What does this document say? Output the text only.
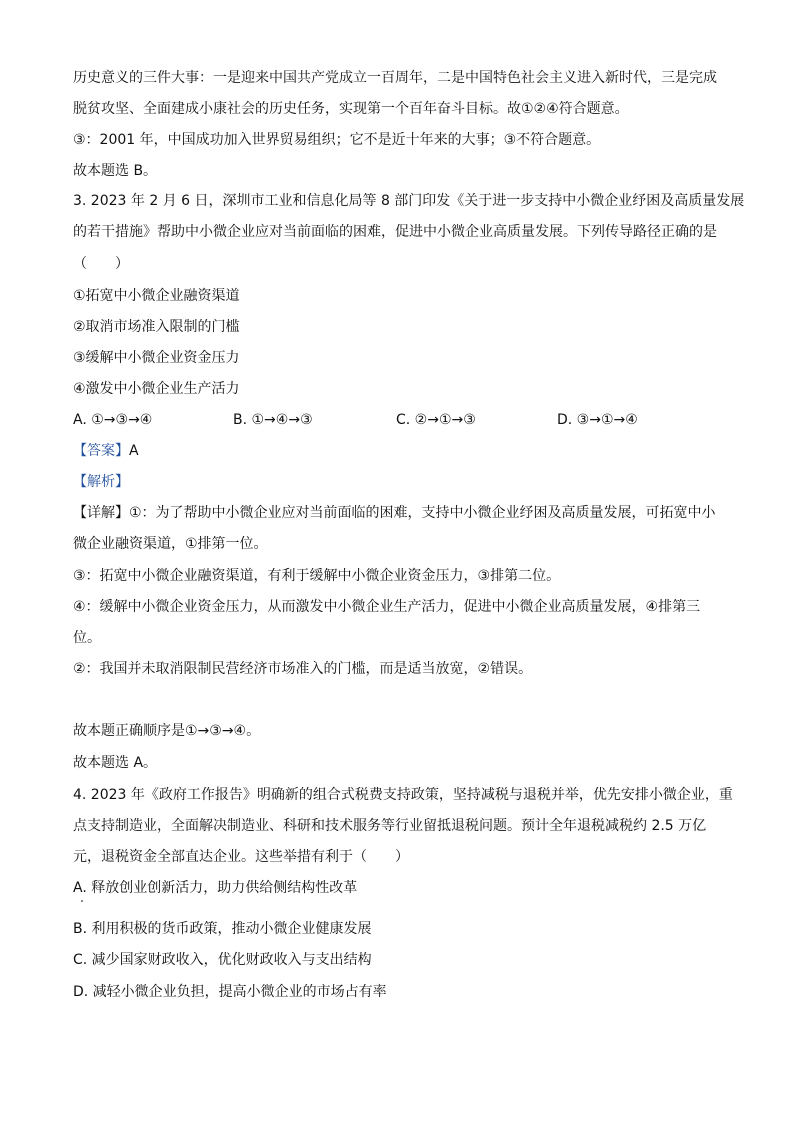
历史意义的三件大事：一是迎来中国共产党成立一百周年，二是中国特色社会主义进入新时代，三是完成
脱贫攻坚、全面建成小康社会的历史任务，实现第一个百年奋斗目标。故①②④符合题意。
③：2001 年，中国成功加入世界贸易组织；它不是近十年来的大事；③不符合题意。
故本题选 B。
3. 2023 年 2 月 6 日，深圳市工业和信息化局等 8 部门印发《关于进一步支持中小微企业纾困及高质量发展
的若干措施》帮助中小微企业应对当前面临的困难，促进中小微企业高质量发展。下列传导路径正确的是
（　　）
①拓宽中小微企业融资渠道
②取消市场准入限制的门槛
③缓解中小微企业资金压力
④激发中小微企业生产活力
A. ①→③→④	B. ①→④→③	C. ②→①→③	D. ③→①→④
【答案】A
【解析】
【详解】①：为了帮助中小微企业应对当前面临的困难，支持中小微企业纾困及高质量发展，可拓宽中小
微企业融资渠道，①排第一位。
③：拓宽中小微企业融资渠道，有利于缓解中小微企业资金压力，③排第二位。
④：缓解中小微企业资金压力，从而激发中小微企业生产活力，促进中小微企业高质量发展，④排第三
位。
②：我国并未取消限制民营经济市场准入的门槛，而是适当放宽，②错误。
故本题正确顺序是①→③→④。
故本题选 A。
4. 2023 年《政府工作报告》明确新的组合式税费支持政策，坚持减税与退税并举，优先安排小微企业，重
点支持制造业，全面解决制造业、科研和技术服务等行业留抵退税问题。预计全年退税减税约 2.5 万亿
元，退税资金全部直达企业。这些举措有利于（　　）
A. 释放创业创新活力，助力供给侧结构性改革
B. 利用积极的货币政策，推动小微企业健康发展
C. 减少国家财政收入，优化财政收入与支出结构
D. 减轻小微企业负担，提高小微企业的市场占有率
